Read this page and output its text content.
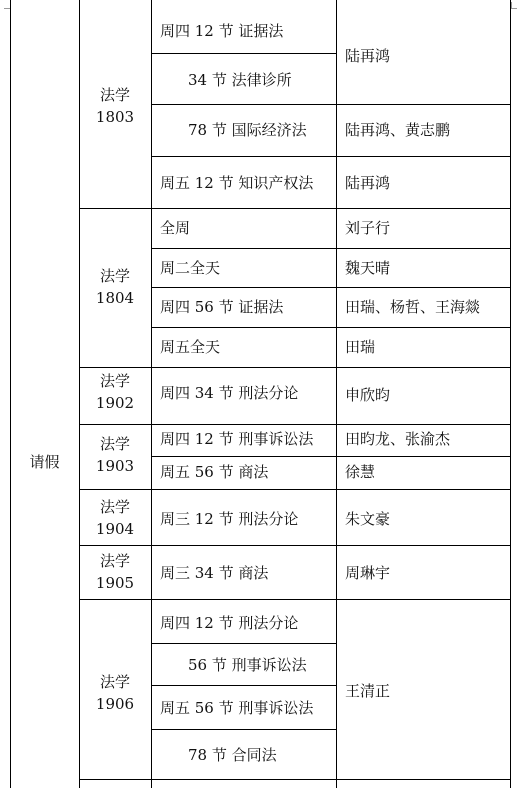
请假
法学
1803
法学
1804
法学
1902
法学
1903
法学
1904
法学
1905
法学
1906
周四 12 节 证据法
34 节 法律诊所
78 节 国际经济法
周五 12 节 知识产权法
全周
周二全天
周四 56 节 证据法
周五全天
周四 34 节 刑法分论
周四 12 节 刑事诉讼法
周五 56 节 商法
周三 12 节 刑法分论
周三 34 节 商法
周四 12 节 刑法分论
56 节 刑事诉讼法
周五 56 节 刑事诉讼法
78 节 合同法
陆再鸿
陆再鸿、黄志鹏
陆再鸿
刘子行
魏天晴
田瑞、杨哲、王海燚
田瑞
申欣昀
田昀龙、张渝杰
徐慧
朱文豪
周琳宇
王清正
